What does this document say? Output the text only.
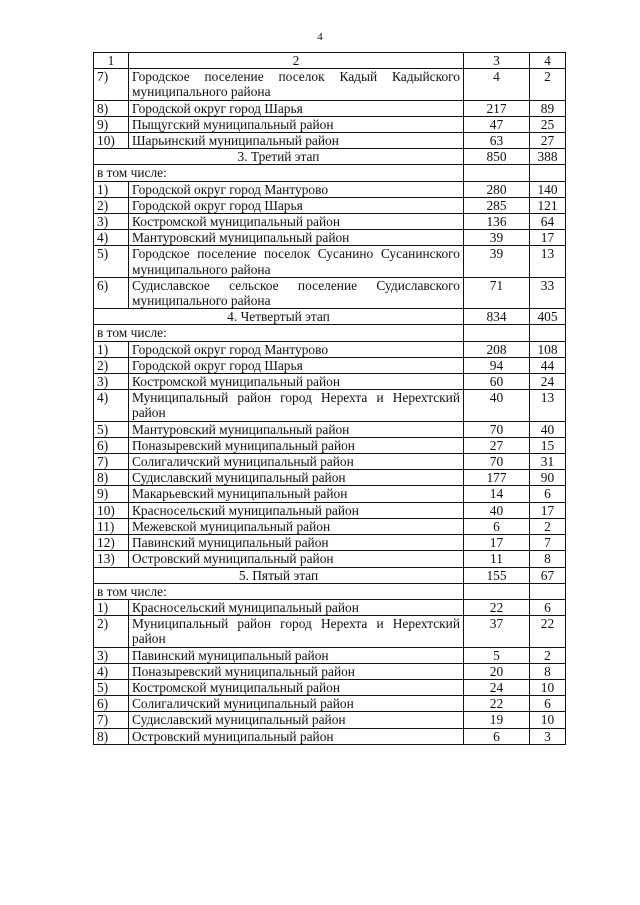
4
1	2	3	4
7)	Городское поселение поселок Кадый Кадыйского муниципального района	4	2
8)	Городской округ город Шарья	217	89
9)	Пыщугский муниципальный район	47	25
10)	Шарьинский муниципальный район	63	27
3. Третий этап		850	388
в том числе:			
1)	Городской округ город Мантурово	280	140
2)	Городской округ город Шарья	285	121
3)	Костромской муниципальный район	136	64
4)	Мантуровский муниципальный район	39	17
5)	Городское поселение поселок Сусанино Сусанинского муниципального района	39	13
6)	Судиславское сельское поселение Судиславского муниципального района	71	33
4. Четвертый этап		834	405
в том числе:			
1)	Городской округ город Мантурово	208	108
2)	Городской округ город Шарья	94	44
3)	Костромской муниципальный район	60	24
4)	Муниципальный район город Нерехта и Нерехтский район	40	13
5)	Мантуровский муниципальный район	70	40
6)	Поназыревский муниципальный район	27	15
7)	Солигаличский муниципальный район	70	31
8)	Судиславский муниципальный район	177	90
9)	Макарьевский муниципальный район	14	6
10)	Красносельский муниципальный район	40	17
11)	Межевской муниципальный район	6	2
12)	Павинский муниципальный район	17	7
13)	Островский муниципальный район	11	8
5. Пятый этап		155	67
в том числе:			
1)	Красносельский муниципальный район	22	6
2)	Муниципальный район город Нерехта и Нерехтский район	37	22
3)	Павинский муниципальный район	5	2
4)	Поназыревский муниципальный район	20	8
5)	Костромской муниципальный район	24	10
6)	Солигаличский муниципальный район	22	6
7)	Судиславский муниципальный район	19	10
8)	Островский муниципальный район	6	3
